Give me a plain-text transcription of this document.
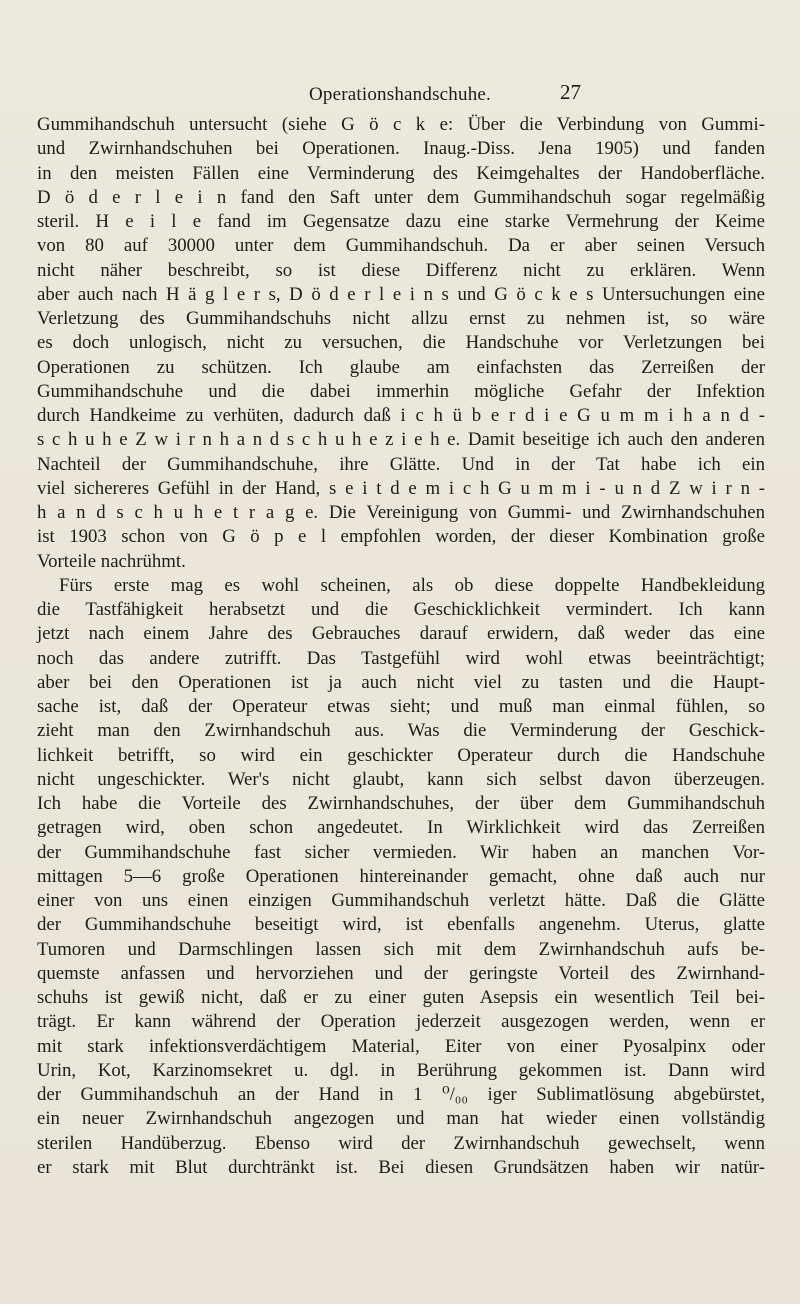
Operationshandschuhe.	27
Gummihandschuh untersucht (siehe G ö c k e: Über die Verbindung von Gummi-
und Zwirnhandschuhen bei Operationen. Inaug.-Diss. Jena 1905) und fanden
in den meisten Fällen eine Verminderung des Keimgehaltes der Handoberfläche.
D ö d e r l e i n fand den Saft unter dem Gummihandschuh sogar regelmäßig
steril. H e i l e fand im Gegensatze dazu eine starke Vermehrung der Keime
von 80 auf 30000 unter dem Gummihandschuh. Da er aber seinen Versuch
nicht näher beschreibt, so ist diese Differenz nicht zu erklären. Wenn
aber auch nach H ä g l e r s, D ö d e r l e i n s und G ö c k e s Untersuchungen eine
Verletzung des Gummihandschuhs nicht allzu ernst zu nehmen ist, so wäre
es doch unlogisch, nicht zu versuchen, die Handschuhe vor Verletzungen bei
Operationen zu schützen. Ich glaube am einfachsten das Zerreißen der
Gummihandschuhe und die dabei immerhin mögliche Gefahr der Infektion
durch Handkeime zu verhüten, dadurch daß i c h ü b e r d i e G u m m i h a n d -
s c h u h e Z w i r n h a n d s c h u h e z i e h e. Damit beseitige ich auch den anderen
Nachteil der Gummihandschuhe, ihre Glätte. Und in der Tat habe ich ein
viel sichereres Gefühl in der Hand, s e i t d e m i c h G u m m i - u n d Z w i r n -
h a n d s c h u h e t r a g e. Die Vereinigung von Gummi- und Zwirnhandschuhen
ist 1903 schon von G ö p e l empfohlen worden, der dieser Kombination große
Vorteile nachrühmt.
Fürs erste mag es wohl scheinen, als ob diese doppelte Handbekleidung
die Tastfähigkeit herabsetzt und die Geschicklichkeit vermindert. Ich kann
jetzt nach einem Jahre des Gebrauches darauf erwidern, daß weder das eine
noch das andere zutrifft. Das Tastgefühl wird wohl etwas beeinträchtigt;
aber bei den Operationen ist ja auch nicht viel zu tasten und die Haupt-
sache ist, daß der Operateur etwas sieht; und muß man einmal fühlen, so
zieht man den Zwirnhandschuh aus. Was die Verminderung der Geschick-
lichkeit betrifft, so wird ein geschickter Operateur durch die Handschuhe
nicht ungeschickter. Wer's nicht glaubt, kann sich selbst davon überzeugen.
Ich habe die Vorteile des Zwirnhandschuhes, der über dem Gummihandschuh
getragen wird, oben schon angedeutet. In Wirklichkeit wird das Zerreißen
der Gummihandschuhe fast sicher vermieden. Wir haben an manchen Vor-
mittagen 5—6 große Operationen hintereinander gemacht, ohne daß auch nur
einer von uns einen einzigen Gummihandschuh verletzt hätte. Daß die Glätte
der Gummihandschuhe beseitigt wird, ist ebenfalls angenehm. Uterus, glatte
Tumoren und Darmschlingen lassen sich mit dem Zwirnhandschuh aufs be-
quemste anfassen und hervorziehen und der geringste Vorteil des Zwirnhand-
schuhs ist gewiß nicht, daß er zu einer guten Asepsis ein wesentlich Teil bei-
trägt. Er kann während der Operation jederzeit ausgezogen werden, wenn er
mit stark infektionsverdächtigem Material, Eiter von einer Pyosalpinx oder
Urin, Kot, Karzinomsekret u. dgl. in Berührung gekommen ist. Dann wird
der Gummihandschuh an der Hand in 1 ⁰/₀₀ iger Sublimatlösung abgebürstet,
ein neuer Zwirnhandschuh angezogen und man hat wieder einen vollständig
sterilen Handüberzug. Ebenso wird der Zwirnhandschuh gewechselt, wenn
er stark mit Blut durchtränkt ist. Bei diesen Grundsätzen haben wir natür-
